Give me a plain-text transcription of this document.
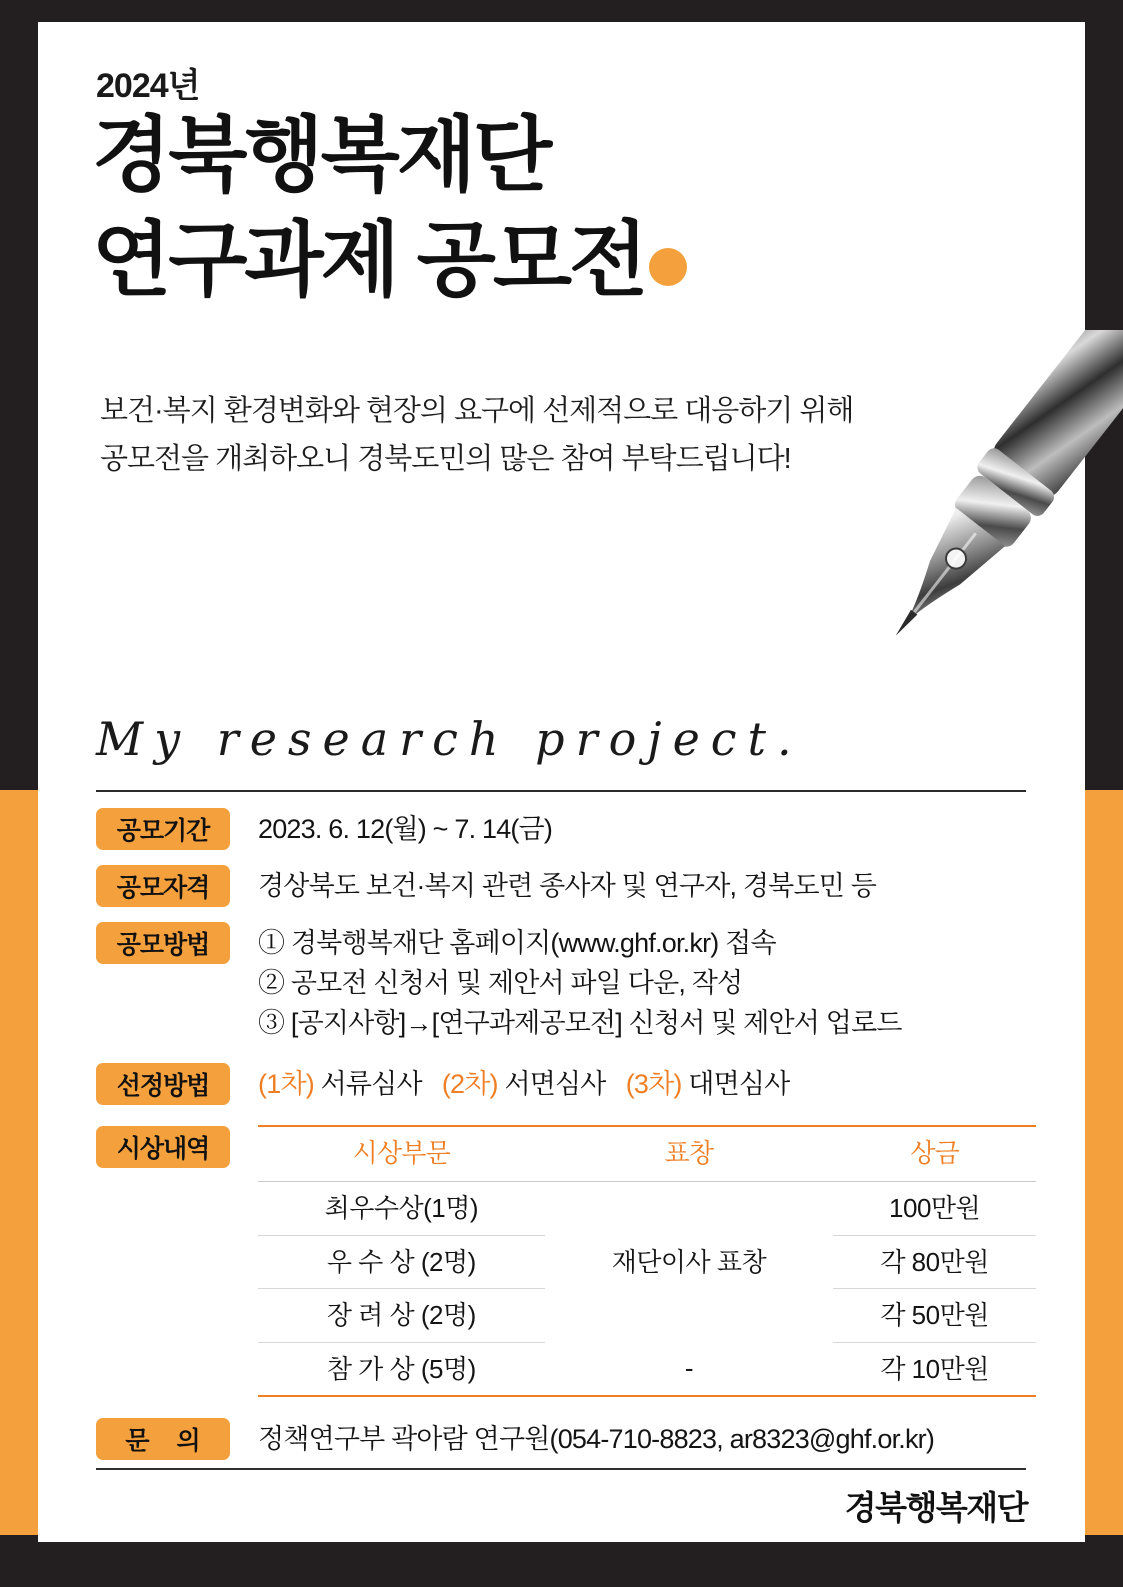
2024년
경북행복재단
연구과제 공모전
보건·복지 환경변화와 현장의 요구에 선제적으로 대응하기 위해
공모전을 개최하오니 경북도민의 많은 참여 부탁드립니다!
My research project.
공모기간	2023. 6. 12(월) ~ 7. 14(금)
공모자격	경상북도 보건·복지 관련 종사자 및 연구자, 경북도민 등
공모방법	① 경북행복재단 홈페이지(www.ghf.or.kr) 접속
② 공모전 신청서 및 제안서 파일 다운, 작성
③ [공지사항]→[연구과제공모전] 신청서 및 제안서 업로드
선정방법	(1차) 서류심사 (2차) 서면심사 (3차) 대면심사
시상내역	시상부문	표창	상금
최우수상(1명)	재단이사 표창	100만원
우 수 상 (2명)		각 80만원
장 려 상 (2명)		각 50만원
참 가 상 (5명)	-	각 10만원
문 의	정책연구부 곽아람 연구원(054-710-8823, ar8323@ghf.or.kr)
경북행복재단
